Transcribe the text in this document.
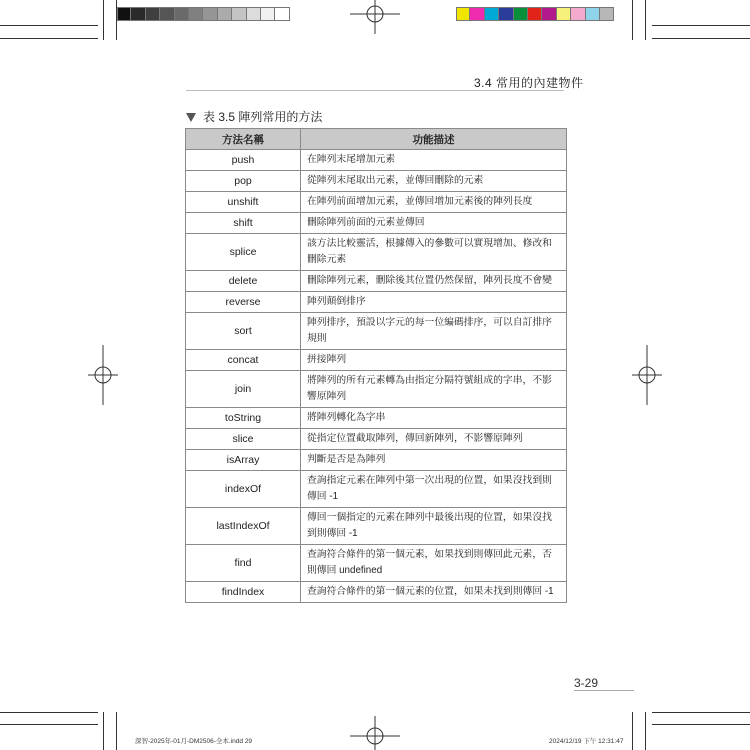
3.4 常用的內建物件
表 3.5 陣列常用的方法
方法名稱	功能描述
push	在陣列末尾增加元素
pop	從陣列末尾取出元素，並傳回刪除的元素
unshift	在陣列前面增加元素，並傳回增加元素後的陣列長度
shift	刪除陣列前面的元素並傳回
splice	該方法比較靈活，根據傳入的參數可以實現增加、修改和刪除元素
delete	刪除陣列元素，刪除後其位置仍然保留，陣列長度不會變
reverse	陣列顛倒排序
sort	陣列排序，預設以字元的每一位編碼排序，可以自訂排序規則
concat	拼接陣列
join	將陣列的所有元素轉為由指定分隔符號組成的字串，不影響原陣列
toString	將陣列轉化為字串
slice	從指定位置截取陣列，傳回新陣列，不影響原陣列
isArray	判斷是否是為陣列
indexOf	查詢指定元素在陣列中第一次出現的位置，如果沒找到則傳回 -1
lastIndexOf	傳回一個指定的元素在陣列中最後出現的位置，如果沒找到則傳回 -1
find	查詢符合條件的第一個元素，如果找到則傳回此元素，否則傳回 undefined
findIndex	查詢符合條件的第一個元素的位置，如果未找到則傳回 -1
3-29
深智-2025年-01月-DM2506-全本.indd 29	2024/12/19 下午 12:31:47
